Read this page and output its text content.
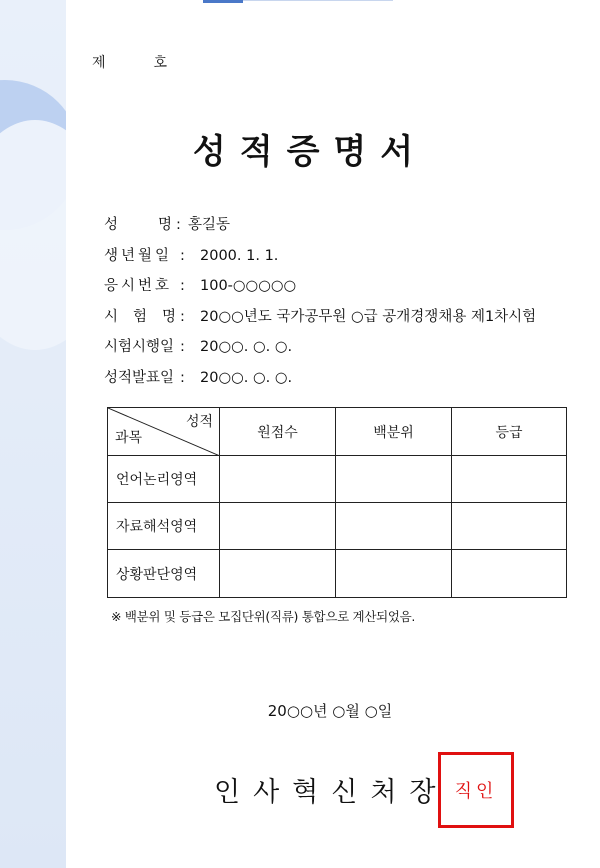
제	호
성적증명서
성	명 : 홍길동
생년월일 : 2000. 1. 1.
응시번호 : 100-○○○○○
시 험 명 : 20○○년도 국가공무원 ○급 공개경쟁채용 제1차시험
시험시행일 : 20○○. ○. ○.
성적발표일 : 20○○. ○. ○.
성적
과목	원점수	백분위	등급
언어논리영역			
자료해석영역			
상황판단영역			
※ 백분위 및 등급은 모집단위(직류) 통합으로 계산되었음.
20○○년 ○월 ○일
인사혁신처장 직인
